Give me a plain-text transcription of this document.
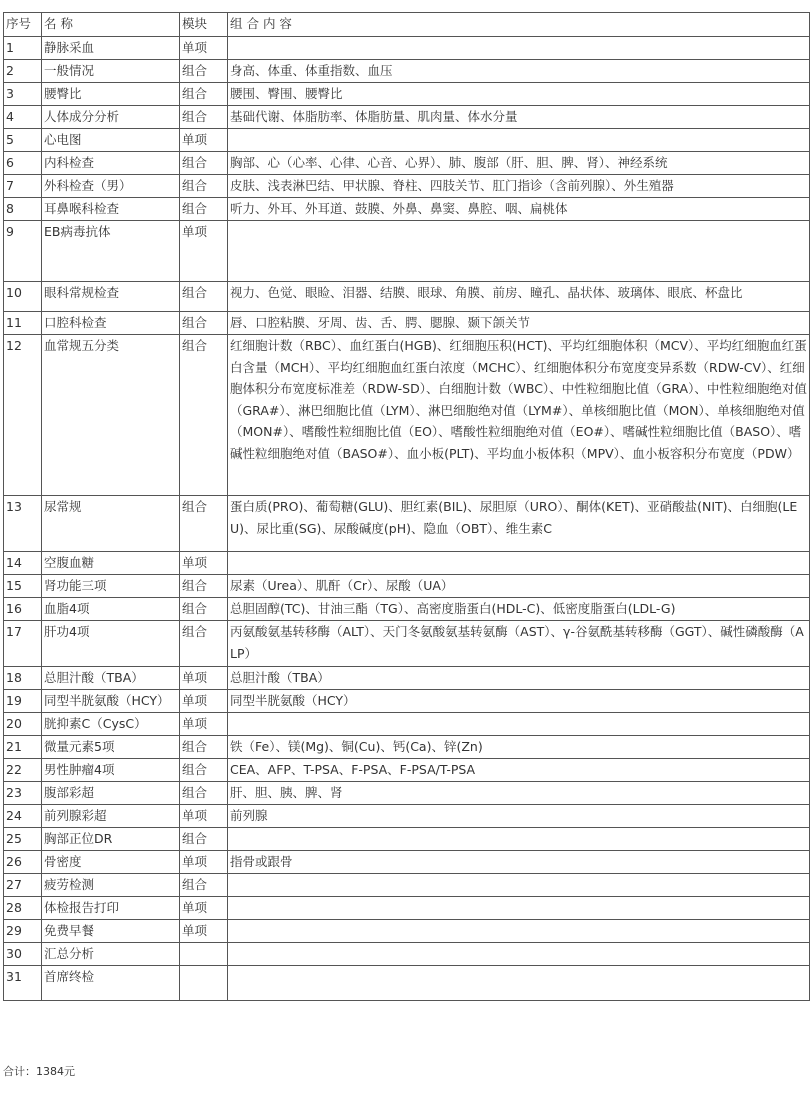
序号	名 称	模块	组 合 内 容
1	静脉采血	单项	
2	一般情况	组合	身高、体重、体重指数、血压
3	腰臀比	组合	腰围、臀围、腰臀比
4	人体成分分析	组合	基础代谢、体脂肪率、体脂肪量、肌肉量、体水分量
5	心电图	单项	
6	内科检查	组合	胸部、心（心率、心律、心音、心界）、肺、腹部（肝、胆、脾、肾）、神经系统
7	外科检查（男）	组合	皮肤、浅表淋巴结、甲状腺、脊柱、四肢关节、肛门指诊（含前列腺）、外生殖器
8	耳鼻喉科检查	组合	听力、外耳、外耳道、鼓膜、外鼻、鼻窦、鼻腔、咽、扁桃体
9	EB病毒抗体	单项	
10	眼科常规检查	组合	视力、色觉、眼睑、泪器、结膜、眼球、角膜、前房、瞳孔、晶状体、玻璃体、眼底、杯盘比
11	口腔科检查	组合	唇、口腔粘膜、牙周、齿、舌、腭、腮腺、颞下颌关节
12	血常规五分类	组合	红细胞计数（RBC）、血红蛋白(HGB)、红细胞压积(HCT)、平均红细胞体积（MCV）、平均红细胞血红蛋白含量（MCH）、平均红细胞血红蛋白浓度（MCHC）、红细胞体积分布宽度变异系数（RDW-CV）、红细胞体积分布宽度标准差（RDW-SD）、白细胞计数（WBC）、中性粒细胞比值（GRA）、中性粒细胞绝对值（GRA#）、淋巴细胞比值（LYM）、淋巴细胞绝对值（LYM#）、单核细胞比值（MON）、单核细胞绝对值（MON#）、嗜酸性粒细胞比值（EO）、嗜酸性粒细胞绝对值（EO#）、嗜碱性粒细胞比值（BASO）、嗜碱性粒细胞绝对值（BASO#）、血小板(PLT)、平均血小板体积（MPV）、血小板容积分布宽度（PDW）
13	尿常规	组合	蛋白质(PRO)、葡萄糖(GLU)、胆红素(BIL)、尿胆原（URO）、酮体(KET)、亚硝酸盐(NIT)、白细胞(LEU)、尿比重(SG)、尿酸碱度(pH)、隐血（OBT）、维生素C
14	空腹血糖	单项	
15	肾功能三项	组合	尿素（Urea）、肌酐（Cr）、尿酸（UA）
16	血脂4项	组合	总胆固醇(TC)、甘油三酯（TG）、高密度脂蛋白(HDL-C)、低密度脂蛋白(LDL-G)
17	肝功4项	组合	丙氨酸氨基转移酶（ALT）、天门冬氨酸氨基转氨酶（AST）、γ-谷氨酰基转移酶（GGT）、碱性磷酸酶（ALP）
18	总胆汁酸（TBA）	单项	总胆汁酸（TBA）
19	同型半胱氨酸（HCY）	单项	同型半胱氨酸（HCY）
20	胱抑素C（CysC）	单项	
21	微量元素5项	组合	铁（Fe）、镁(Mg)、铜(Cu)、钙(Ca)、锌(Zn)
22	男性肿瘤4项	组合	CEA、AFP、T-PSA、F-PSA、F-PSA/T-PSA
23	腹部彩超	组合	肝、胆、胰、脾、肾
24	前列腺彩超	单项	前列腺
25	胸部正位DR	组合	
26	骨密度	单项	指骨或跟骨
27	疲劳检测	组合	
28	体检报告打印	单项	
29	免费早餐	单项	
30	汇总分析		
31	首席终检		
合计：1384元
